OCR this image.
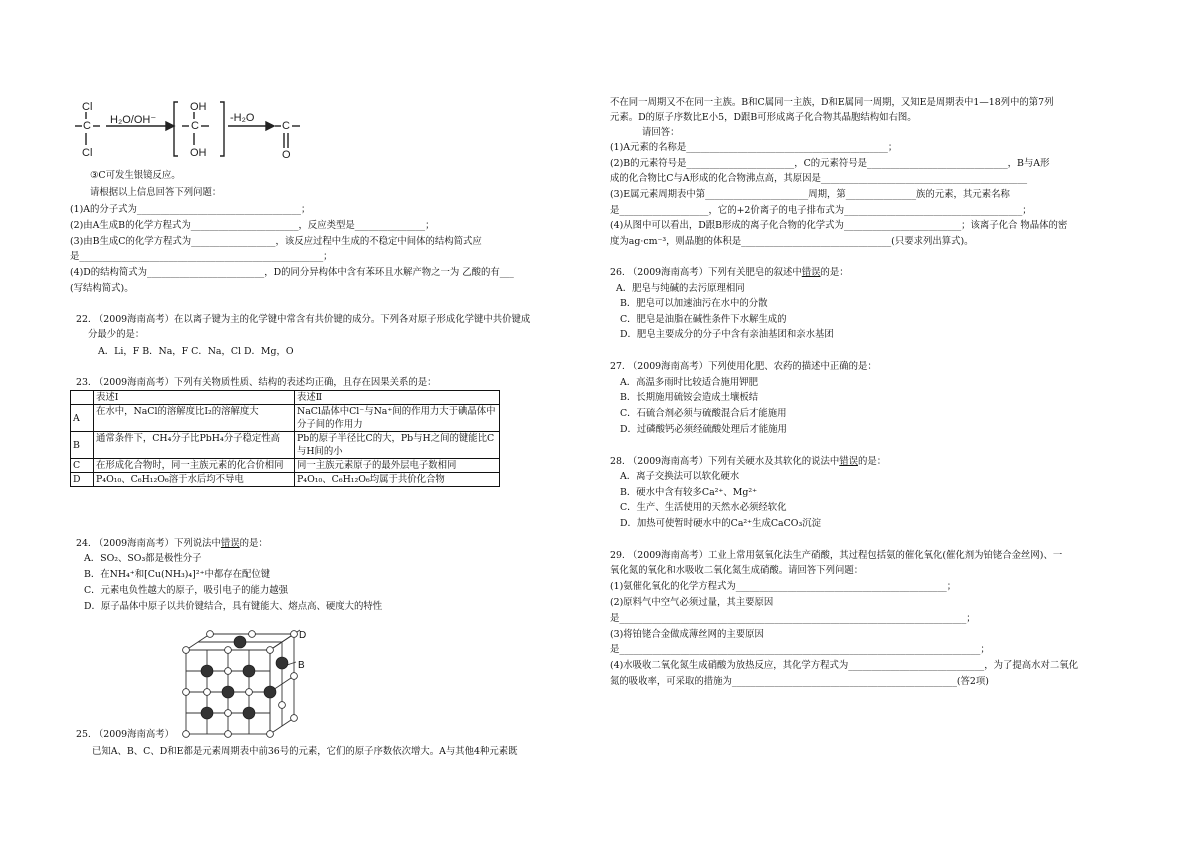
Cl
C
Cl
H₂O/OH⁻
OH
C
OH
-H₂O
C
O
③C可发生银镜反应。
请根据以上信息回答下列问题：
(1)A的分子式为___________________________________；
(2)由A生成B的化学方程式为_______________________，反应类型是_______________；
(3)由B生成C的化学方程式为__________________，该反应过程中生成的不稳定中间体的结构简式应
是____________________________________________________；
(4)D的结构简式为_________________________，D的同分异构体中含有苯环且水解产物之一为 乙酸的有___
(写结构简式)。
22. （2009海南高考）在以离子键为主的化学键中常含有共价键的成分。下列各对原子形成化学键中共价键成
分最少的是：
A．Li，F B．Na，F C．Na，Cl D．Mg，O
23. （2009海南高考）下列有关物质性质、结构的表述均正确，且存在因果关系的是：
	表述Ⅰ	表述Ⅱ
A	在水中，NaCl的溶解度比I₂的溶解度大	NaCl晶体中Cl⁻与Na⁺间的作用力大于碘晶体中分子间的作用力
B	通常条件下，CH₄分子比PbH₄分子稳定性高	Pb的原子半径比C的大，Pb与H之间的键能比C与H间的小
C	在形成化合物时，同一主族元素的化合价相同	同一主族元素原子的最外层电子数相同
D	P₄O₁₀、C₆H₁₂O₆溶于水后均不导电	P₄O₁₀、C₆H₁₂O₆均属于共价化合物
24. （2009海南高考）下列说法中错误的是：
A．SO₂、SO₃都是极性分子
B．在NH₄⁺和[Cu(NH₃)₄]²⁺中都存在配位键
C．元素电负性越大的原子，吸引电子的能力越强
D．原子晶体中原子以共价键结合，具有键能大、熔点高、硬度大的特性
D
B
25. （2009海南高考）
已知A、B、C、D和E都是元素周期表中前36号的元素，它们的原子序数依次增大。A与其他4种元素既
不在同一周期又不在同一主族。B和C属同一主族，D和E属同一周期，又知E是周期表中1—18列中的第7列
元素。D的原子序数比E小5，D跟B可形成离子化合物其晶胞结构如右图。
请回答：
(1)A元素的名称是___________________________________________；
(2)B的元素符号是_______________________，C的元素符号是______________________________，B与A形
成的化合物比C与A形成的化合物沸点高，其原因是____________________________________________
(3)E属元素周期表中第______________________周期，第_______________族的元素，其元素名称
是___________________，它的+2价离子的电子排布式为______________________________________；
(4)从图中可以看出，D跟B形成的离子化合物的化学式为_________________________；该离子化合 物晶体的密
度为ag·cm⁻³，则晶胞的体积是________________________________(只要求列出算式)。
26. （2009海南高考）下列有关肥皂的叙述中错误的是：
A．肥皂与纯碱的去污原理相同
B．肥皂可以加速油污在水中的分散
C．肥皂是油脂在碱性条件下水解生成的
D．肥皂主要成分的分子中含有亲油基团和亲水基团
27. （2009海南高考）下列使用化肥、农药的描述中正确的是：
A．高温多雨时比较适合施用钾肥
B．长期施用硫铵会造成土壤板结
C．石硫合剂必须与硫酸混合后才能施用
D．过磷酸钙必须经硫酸处理后才能施用
28. （2009海南高考）下列有关硬水及其软化的说法中错误的是：
A．离子交换法可以软化硬水
B．硬水中含有较多Ca²⁺、Mg²⁺
C．生产、生活使用的天然水必须经软化
D．加热可使暂时硬水中的Ca²⁺生成CaCO₃沉淀
29. （2009海南高考）工业上常用氨氧化法生产硝酸，其过程包括氨的催化氧化(催化剂为铂铑合金丝网)、一
氧化氮的氧化和水吸收二氧化氮生成硝酸。请回答下列问题：
(1)氨催化氧化的化学方程式为_____________________________________________；
(2)原料气中空气必须过量，其主要原因
是__________________________________________________________________________；
(3)将铂铑合金做成薄丝网的主要原因
是_____________________________________________________________________________；
(4)水吸收二氧化氮生成硝酸为放热反应，其化学方程式为_____________________________，为了提高水对二氧化
氮的吸收率，可采取的措施为________________________________________________(答2项)
